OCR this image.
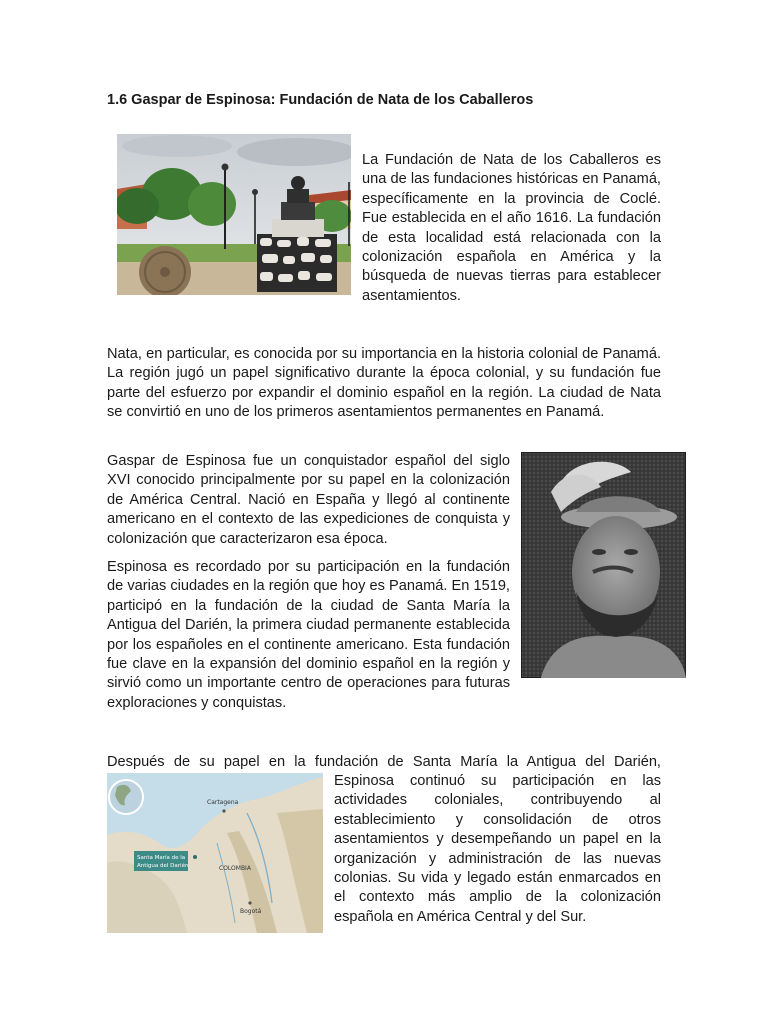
1.6 Gaspar de Espinosa: Fundación de Nata de los Caballeros

La Fundación de Nata de los Caballeros es una de las fundaciones históricas en Panamá, específicamente en la provincia de Coclé. Fue establecida en el año 1616. La fundación de esta localidad está relacionada con la colonización española en América y la búsqueda de nuevas tierras para establecer asentamientos.

Nata, en particular, es conocida por su importancia en la historia colonial de Panamá. La región jugó un papel significativo durante la época colonial, y su fundación fue parte del esfuerzo por expandir el dominio español en la región. La ciudad de Nata se convirtió en uno de los primeros asentamientos permanentes en Panamá.

Gaspar de Espinosa fue un conquistador español del siglo XVI conocido principalmente por su papel en la colonización de América Central. Nació en España y llegó al continente americano en el contexto de las expediciones de conquista y colonización que caracterizaron esa época.

Espinosa es recordado por su participación en la fundación de varias ciudades en la región que hoy es Panamá. En 1519, participó en la fundación de la ciudad de Santa María la Antigua del Darién, la primera ciudad permanente establecida por los españoles en el continente americano. Esta fundación fue clave en la expansión del dominio español en la región y sirvió como un importante centro de operaciones para futuras exploraciones y conquistas.

Después de su papel en la fundación de Santa María la Antigua del Darién,

Cartagena
COLOMBIA
Bogotá
Santa María de la
Antigua del Darién

Espinosa continuó su participación en las actividades coloniales, contribuyendo al establecimiento y consolidación de otros asentamientos y desempeñando un papel en la organización y administración de las nuevas colonias. Su vida y legado están enmarcados en el contexto más amplio de la colonización española en América Central y del Sur.
